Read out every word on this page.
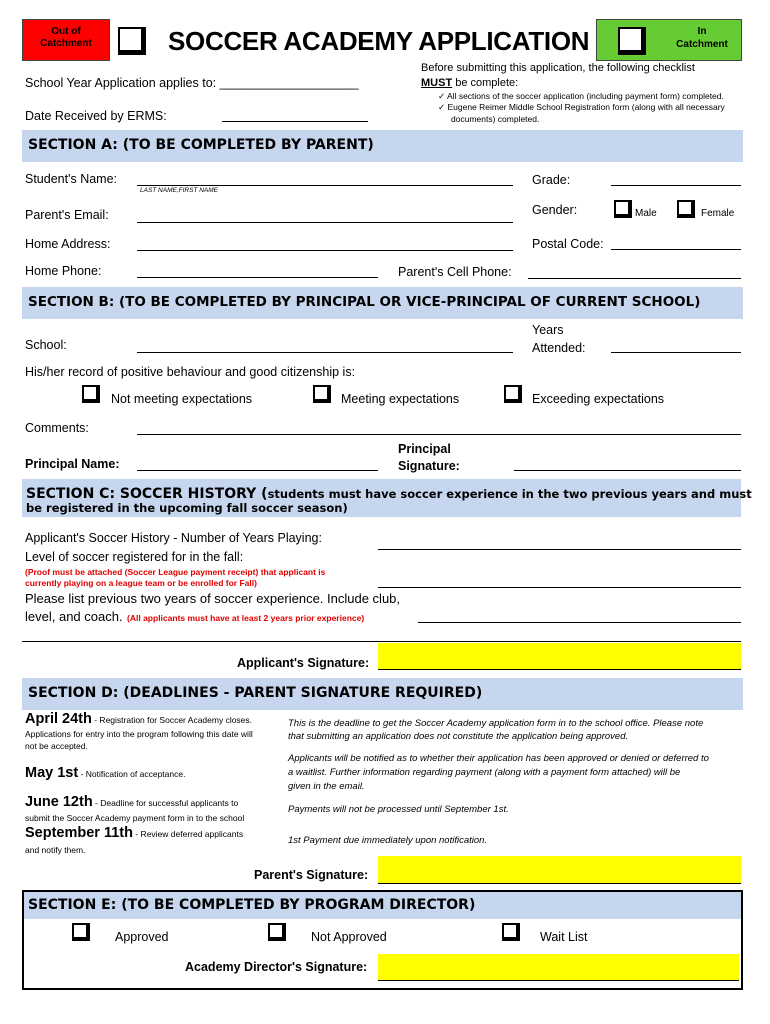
Out of
Catchment	SOCCER ACADEMY APPLICATION	In
Catchment
School Year Application applies to: ____________________
Date Received by ERMS:
Before submitting this application, the following checklist
MUST be complete:
✓ All sections of the soccer application (including payment form) completed.
✓ Eugene Reimer Middle School Registration form (along with all necessary
documents) completed.
SECTION A: (TO BE COMPLETED BY PARENT)
Student's Name:
LAST NAME,FIRST NAME
Grade:
Parent's Email:	Gender:	Male	Female
Home Address:	Postal Code:
Home Phone:	Parent's Cell Phone:
SECTION B: (TO BE COMPLETED BY PRINCIPAL OR VICE-PRINCIPAL OF CURRENT SCHOOL)
School:
Years
Attended:
His/her record of positive behaviour and good citizenship is:
Not meeting expectations	Meeting expectations	Exceeding expectations
Comments:
Principal Name:
Principal
Signature:
SECTION C: SOCCER HISTORY (students must have soccer experience in the two previous years and must
be registered in the upcoming fall soccer season)
Applicant's Soccer History - Number of Years Playing:
Level of soccer registered for in the fall:
(Proof must be attached (Soccer League payment receipt) that applicant is
currently playing on a league team or be enrolled for Fall)
Please list previous two years of soccer experience. Include club,
level, and coach. (All applicants must have at least 2 years prior experience)
Applicant's Signature:
SECTION D: (DEADLINES - PARENT SIGNATURE REQUIRED)
April 24th - Registration for Soccer Academy closes.
Applications for entry into the program following this date will
not be accepted.
This is the deadline to get the Soccer Academy application form in to the school office. Please note
that submitting an application does not constitute the application being approved.
May 1st - Notification of acceptance.
Applicants will be notified as to whether their application has been approved or denied or deferred to
a waitlist. Further information regarding payment (along with a payment form attached) will be
given in the email.
June 12th - Deadline for successful applicants to
submit the Soccer Academy payment form in to the school
Payments will not be processed until September 1st.
September 11th - Review deferred applicants
and notify them.
1st Payment due immediately upon notification.
Parent's Signature:
SECTION E: (TO BE COMPLETED BY PROGRAM DIRECTOR)
Approved	Not Approved	Wait List
Academy Director's Signature:
